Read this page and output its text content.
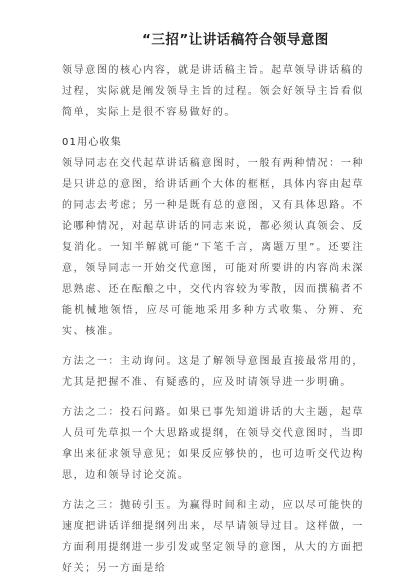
“三招”让讲话稿符合领导意图

领导意图的核心内容，就是讲话稿主旨。起草领导讲话稿的过程，实际就是阐发领导主旨的过程。领会好领导主旨看似简单，实际上是很不容易做好的。

01用心收集

领导同志在交代起草讲话稿意图时，一般有两种情况：一种是只讲总的意图，给讲话画个大体的框框，具体内容由起草的同志去考虑；另一种是既有总的意图，又有具体思路。不论哪种情况，对起草讲话的同志来说，都必须认真领会、反复消化。一知半解就可能“下笔千言，离题万里”。还要注意，领导同志一开始交代意图，可能对所要讲的内容尚未深思熟虑、还在酝酿之中，交代内容较为零散，因而撰稿者不能机械地领悟，应尽可能地采用多种方式收集、分辨、充实、核准。

方法之一：主动询问。这是了解领导意图最直接最常用的，尤其是把握不准、有疑惑的，应及时请领导进一步明确。

方法之二：投石问路。如果已事先知道讲话的大主题，起草人员可先草拟一个大思路或提纲，在领导交代意图时，当即拿出来征求领导意见；如果反应够快的，也可边听交代边构思，边和领导讨论交流。

方法之三：抛砖引玉。为赢得时间和主动，应以尽可能快的速度把讲话详细提纲列出来，尽早请领导过目。这样做，一方面利用提纲进一步引发或坚定领导的意图，从大的方面把好关；另一方面是给
